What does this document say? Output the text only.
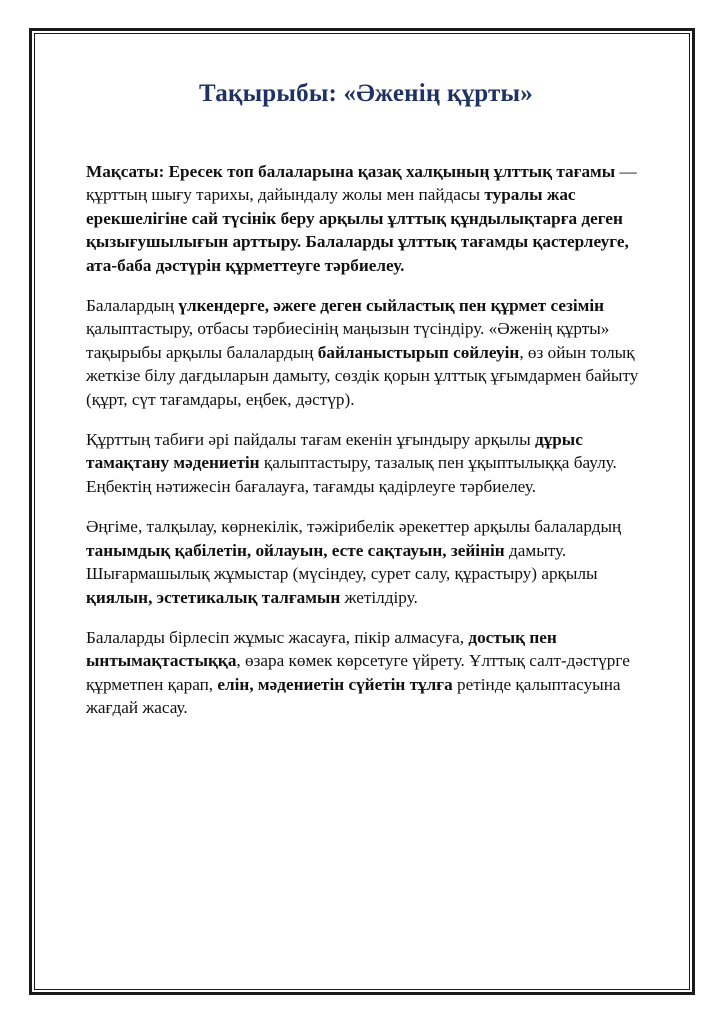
Тақырыбы: «Әженің құрты»

Мақсаты: Ересек топ балаларына қазақ халқының ұлттық тағамы — құрттың шығу тарихы, дайындалу жолы мен пайдасы туралы жас ерекшелігіне сай түсінік беру арқылы ұлттық құндылықтарға деген қызығушылығын арттыру. Балаларды ұлттық тағамды қастерлеуге, ата-баба дәстүрін құрметтеуге тәрбиелеу.

Балалардың үлкендерге, әжеге деген сыйластық пен құрмет сезімін қалыптастыру, отбасы тәрбиесінің маңызын түсіндіру. «Әженің құрты» тақырыбы арқылы балалардың байланыстырып сөйлеуін, өз ойын толық жеткізе білу дағдыларын дамыту, сөздік қорын ұлттық ұғымдармен байыту (құрт, сүт тағамдары, еңбек, дәстүр).

Құрттың табиғи әрі пайдалы тағам екенін ұғындыру арқылы дұрыс тамақтану мәдениетін қалыптастыру, тазалық пен ұқыптылыққа баулу. Еңбектің нәтижесін бағалауға, тағамды қадірлеуге тәрбиелеу.

Әңгіме, талқылау, көрнекілік, тәжірибелік әрекеттер арқылы балалардың танымдық қабілетін, ойлауын, есте сақтауын, зейінін дамыту. Шығармашылық жұмыстар (мүсіндеу, сурет салу, құрастыру) арқылы қиялын, эстетикалық талғамын жетілдіру.

Балаларды бірлесіп жұмыс жасауға, пікір алмасуға, достық пен ынтымақтастыққа, өзара көмек көрсетуге үйрету. Ұлттық салт-дәстүрге құрметпен қарап, елін, мәдениетін сүйетін тұлға ретінде қалыптасуына жағдай жасау.
